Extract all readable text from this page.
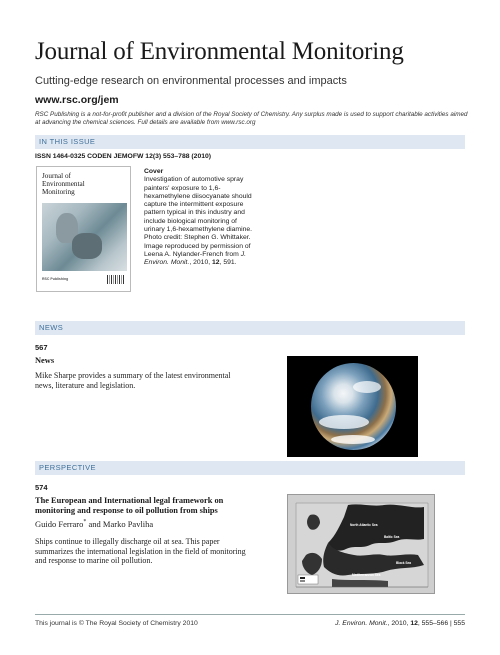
Journal of Environmental Monitoring
Cutting-edge research on environmental processes and impacts
www.rsc.org/jem
RSC Publishing is a not-for-profit publisher and a division of the Royal Society of Chemistry. Any surplus made is used to support charitable activities aimed at advancing the chemical sciences. Full details are available from www.rsc.org
IN THIS ISSUE
ISSN 1464-0325 CODEN JEMOFW 12(3) 553–788 (2010)
Journal of
Environmental
Monitoring
RSC Publishing
Cover
Investigation of automotive spray painters' exposure to 1,6-hexamethylene diisocyanate should capture the intermittent exposure pattern typical in this industry and include biological monitoring of urinary 1,6-hexamethylene diamine. Photo credit: Stephen G. Whittaker. Image reproduced by permission of Leena A. Nylander-French from J. Environ. Monit., 2010, 12, 591.
NEWS
567
News
Mike Sharpe provides a summary of the latest environmental news, literature and legislation.
PERSPECTIVE
574
The European and International legal framework on
monitoring and response to oil pollution from ships
Guido Ferraro* and Marko Pavliha
Ships continue to illegally discharge oil at sea. This paper summarizes the international legislation in the field of monitoring and response to marine oil pollution.
North Atlantic Sea
Baltic Sea
Black Sea
Mediterranean Sea
This journal is © The Royal Society of Chemistry 2010	J. Environ. Monit., 2010, 12, 555–566 | 555
